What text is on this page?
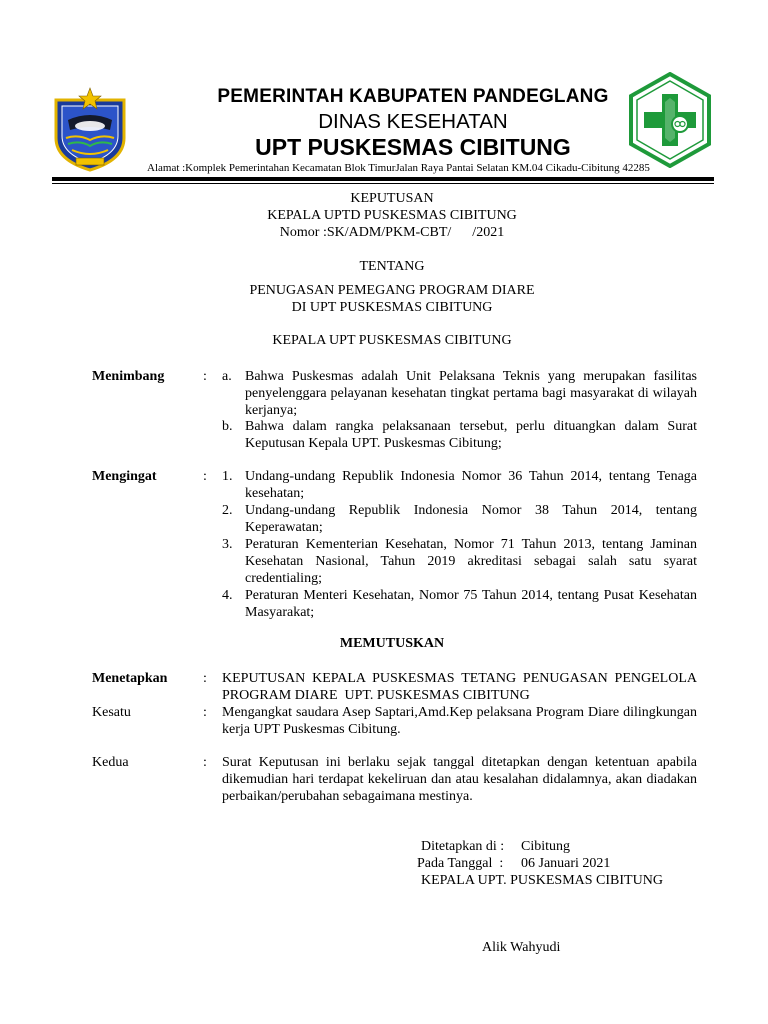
PEMERINTAH KABUPATEN PANDEGLANG
DINAS KESEHATAN
UPT PUSKESMAS CIBITUNG
Alamat :Komplek Pemerintahan Kecamatan Blok TimurJalan Raya Pantai Selatan KM.04 Cikadu-Cibitung 42285
KEPUTUSAN
KEPALA UPTD PUSKESMAS CIBITUNG
Nomor :SK/ADM/PKM-CBT/      /2021
TENTANG
PENUGASAN PEMEGANG PROGRAM DIARE
DI UPT PUSKESMAS CIBITUNG
KEPALA UPT PUSKESMAS CIBITUNG
Menimbang	: a. Bahwa Puskesmas adalah Unit Pelaksana Teknis yang merupakan fasilitas penyelenggara pelayanan kesehatan tingkat pertama bagi masyarakat di wilayah kerjanya;
b. Bahwa dalam rangka pelaksanaan tersebut, perlu dituangkan dalam Surat Keputusan Kepala UPT. Puskesmas Cibitung;
Mengingat	: 1. Undang-undang Republik Indonesia Nomor 36 Tahun 2014, tentang Tenaga kesehatan;
2. Undang-undang Republik Indonesia Nomor 38 Tahun 2014, tentang Keperawatan;
3. Peraturan Kementerian Kesehatan, Nomor 71 Tahun 2013, tentang Jaminan Kesehatan Nasional, Tahun 2019 akreditasi sebagai salah satu syarat credentialing;
4. Peraturan Menteri Kesehatan, Nomor 75 Tahun 2014, tentang Pusat Kesehatan Masyarakat;
MEMUTUSKAN
Menetapkan	: KEPUTUSAN KEPALA PUSKESMAS TETANG PENUGASAN PENGELOLA PROGRAM DIARE  UPT. PUSKESMAS CIBITUNG
Kesatu	: Mengangkat saudara Asep Saptari,Amd.Kep pelaksana Program Diare dilingkungan kerja UPT Puskesmas Cibitung.
Kedua	: Surat Keputusan ini berlaku sejak tanggal ditetapkan dengan ketentuan apabila dikemudian hari terdapat kekeliruan dan atau kesalahan didalamnya, akan diadakan perbaikan/perubahan sebagaimana mestinya.
Ditetapkan di : Cibitung
Pada Tanggal  : 06 Januari 2021
KEPALA UPT. PUSKESMAS CIBITUNG
Alik Wahyudi
